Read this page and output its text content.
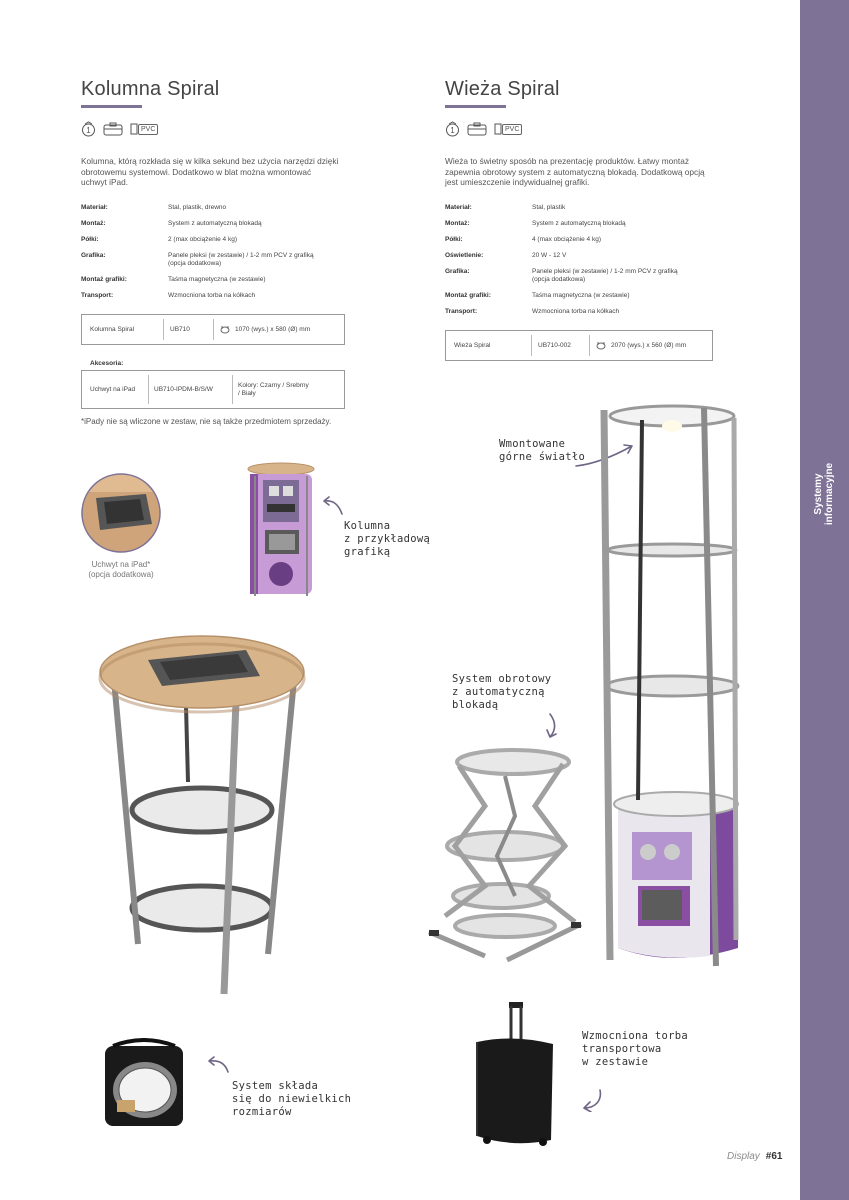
Systemy
informacyjne
Kolumna Spiral
1	PVC
Kolumna, którą rozkłada się w kilka sekund bez użycia narzędzi dzięki
obrotowemu systemowi. Dodatkowo w blat można wmontować
uchwyt iPad.
Materiał:	Stal, plastik, drewno
Montaż:	System z automatyczną blokadą
Półki:	2 (max obciążenie 4 kg)
Grafika:	Panele pleksi (w zestawie) / 1-2 mm PCV z grafiką
(opcja dodatkowa)
Montaż grafiki:	Taśma magnetyczna (w zestawie)
Transport:	Wzmocniona torba na kółkach
Kolumna Spiral	UB710	1070 (wys.) x 580 (Ø) mm
Akcesoria:
Uchwyt na iPad	UB710-IPDM-B/S/W
Kolory: Czarny / Srebrny
/ Biały
*iPady nie są wliczone w zestaw, nie są także przedmiotem sprzedaży.
Uchwyt na iPad*
(opcja dodatkowa)
Kolumna
z przykładową
grafiką
System składa
się do niewielkich
rozmiarów
Wieża Spiral
1	PVC
Wieża to świetny sposób na prezentację produktów. Łatwy montaż
zapewnia obrotowy system z automatyczną blokadą. Dodatkową opcją
jest umieszczenie indywidualnej grafiki.
Materiał:	Stal, plastik
Montaż:	System z automatyczną blokadą
Półki:	4 (max obciążenie 4 kg)
Oświetlenie:	20 W - 12 V
Grafika:	Panele pleksi (w zestawie) / 1-2 mm PCV z grafiką
(opcja dodatkowa)
Montaż grafiki:	Taśma magnetyczna (w zestawie)
Transport:	Wzmocniona torba na kółkach
Wieża Spiral	UB710-002	2070 (wys.) x 560 (Ø) mm
Wmontowane
górne światło
System obrotowy
z automatyczną
blokadą
Wzmocniona torba
transportowa
w zestawie
Display #61
